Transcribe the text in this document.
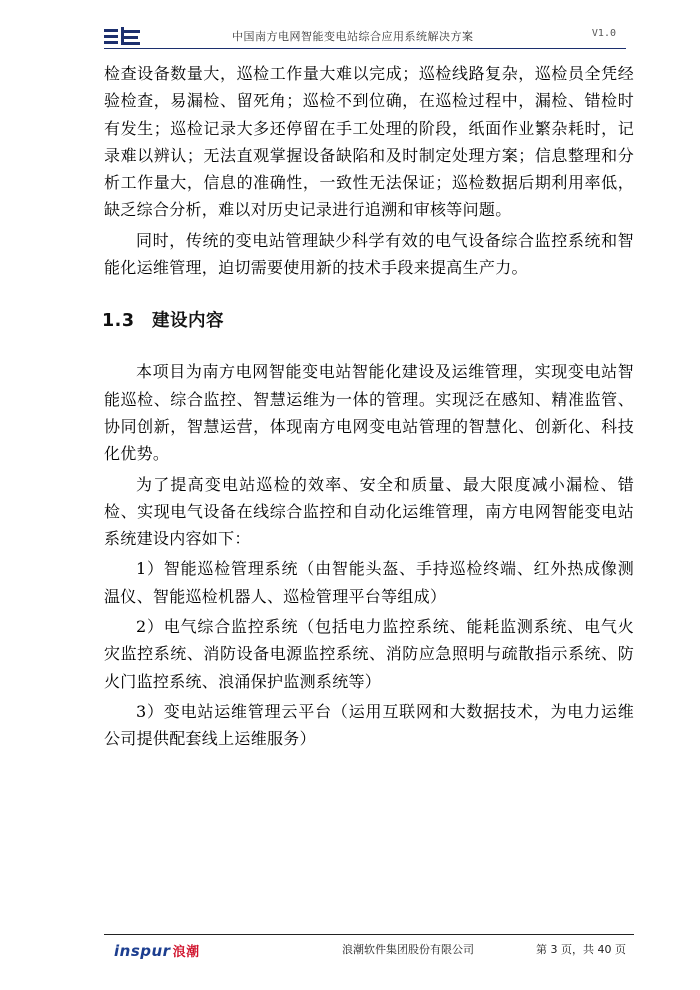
中国南方电网智能变电站综合应用系统解决方案	V1.0

检查设备数量大，巡检工作量大难以完成；巡检线路复杂，巡检员全凭经验检查，易漏检、留死角；巡检不到位确，在巡检过程中，漏检、错检时有发生；巡检记录大多还停留在手工处理的阶段，纸面作业繁杂耗时，记录难以辨认；无法直观掌握设备缺陷和及时制定处理方案；信息整理和分析工作量大，信息的准确性，一致性无法保证；巡检数据后期利用率低，缺乏综合分析，难以对历史记录进行追溯和审核等问题。

同时，传统的变电站管理缺少科学有效的电气设备综合监控系统和智能化运维管理，迫切需要使用新的技术手段来提高生产力。

1.3 建设内容

本项目为南方电网智能变电站智能化建设及运维管理，实现变电站智能巡检、综合监控、智慧运维为一体的管理。实现泛在感知、精准监管、协同创新，智慧运营，体现南方电网变电站管理的智慧化、创新化、科技化优势。

为了提高变电站巡检的效率、安全和质量、最大限度减小漏检、错检、实现电气设备在线综合监控和自动化运维管理，南方电网智能变电站系统建设内容如下：

1）智能巡检管理系统（由智能头盔、手持巡检终端、红外热成像测温仪、智能巡检机器人、巡检管理平台等组成）

2）电气综合监控系统（包括电力监控系统、能耗监测系统、电气火灾监控系统、消防设备电源监控系统、消防应急照明与疏散指示系统、防火门监控系统、浪涌保护监测系统等）

3）变电站运维管理云平台（运用互联网和大数据技术，为电力运维公司提供配套线上运维服务）

inspur 浪潮	浪潮软件集团股份有限公司	第 3 页，共 40 页
